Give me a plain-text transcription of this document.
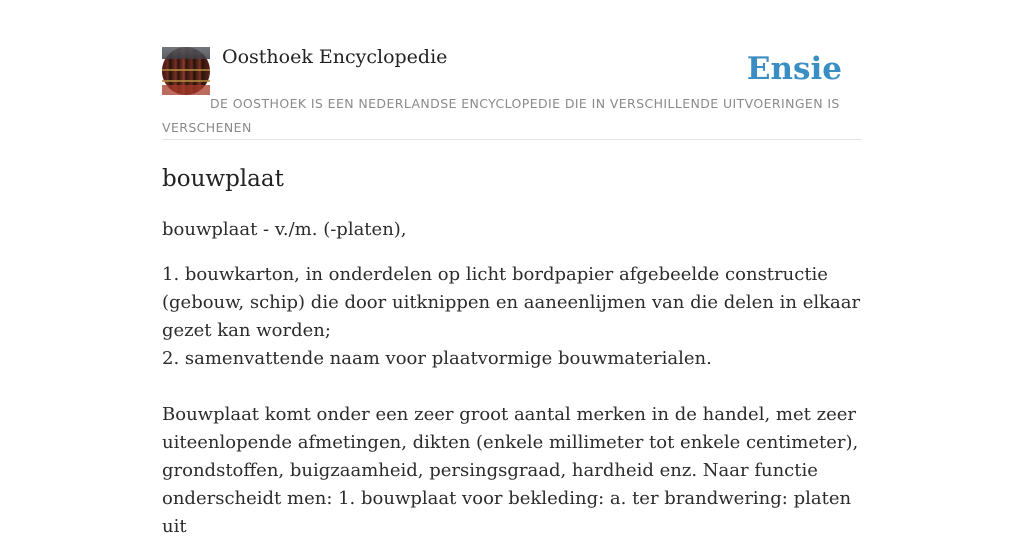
Oosthoek Encyclopedie	Ensie
DE OOSTHOEK IS EEN NEDERLANDSE ENCYCLOPEDIE DIE IN VERSCHILLENDE UITVOERINGEN IS VERSCHENEN
bouwplaat

bouwplaat - v./m. (-platen),

1. bouwkarton, in onderdelen op licht bordpapier afgebeelde constructie (gebouw, schip) die door uitknippen en aaneenlijmen van die delen in elkaar gezet kan worden;
2. samenvattende naam voor plaatvormige bouwmaterialen.

Bouwplaat komt onder een zeer groot aantal merken in de handel, met zeer uiteenlopende afmetingen, dikten (enkele millimeter tot enkele centimeter), grondstoffen, buigzaamheid, persingsgraad, hardheid enz. Naar functie onderscheidt men: 1. bouwplaat voor bekleding: a. ter brandwering: platen uit
